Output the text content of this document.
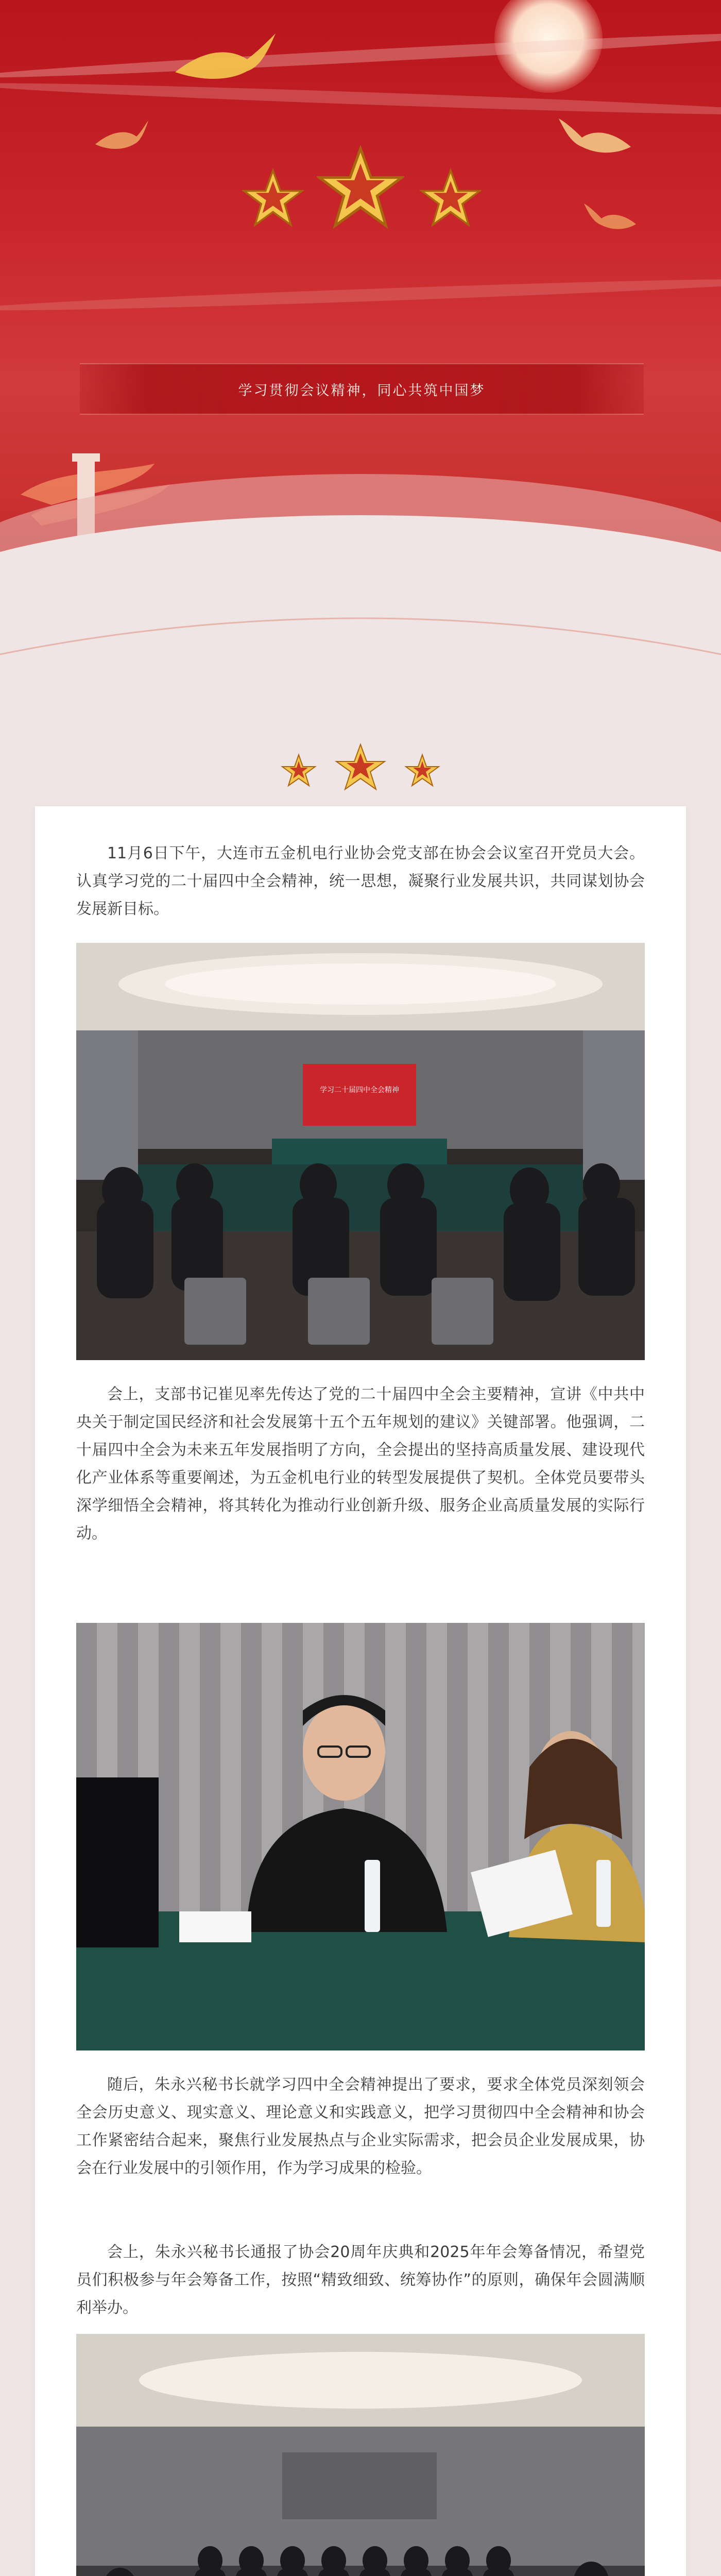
学习贯彻会议精神，同心共筑中国梦

11月6日下午，大连市五金机电行业协会党支部在协会会议室召开党员大会。认真学习党的二十届四中全会精神，统一思想，凝聚行业发展共识，共同谋划协会发展新目标。

学习二十届四中全会精神

会上，支部书记崔见率先传达了党的二十届四中全会主要精神，宣讲《中共中央关于制定国民经济和社会发展第十五个五年规划的建议》关键部署。他强调，二十届四中全会为未来五年发展指明了方向，全会提出的坚持高质量发展、建设现代化产业体系等重要阐述，为五金机电行业的转型发展提供了契机。全体党员要带头深学细悟全会精神，将其转化为推动行业创新升级、服务企业高质量发展的实际行动。

随后，朱永兴秘书长就学习四中全会精神提出了要求，要求全体党员深刻领会全会历史意义、现实意义、理论意义和实践意义，把学习贯彻四中全会精神和协会工作紧密结合起来，聚焦行业发展热点与企业实际需求，把会员企业发展成果，协会在行业发展中的引领作用，作为学习成果的检验。

会上，朱永兴秘书长通报了协会20周年庆典和2025年年会筹备情况，希望党员们积极参与年会筹备工作，按照“精致细致、统筹协作”的原则，确保年会圆满顺利举办。
